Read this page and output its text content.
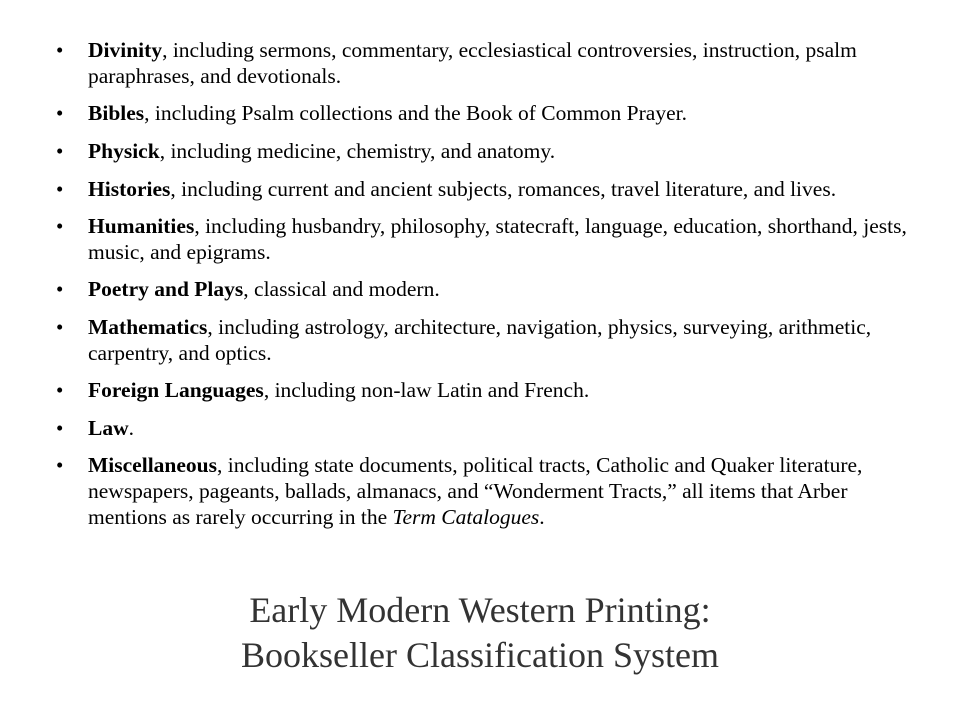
• Divinity, including sermons, commentary, ecclesiastical controversies, instruction, psalm paraphrases, and devotionals.
• Bibles, including Psalm collections and the Book of Common Prayer.
• Physick, including medicine, chemistry, and anatomy.
• Histories, including current and ancient subjects, romances, travel literature, and lives.
• Humanities, including husbandry, philosophy, statecraft, language, education, shorthand, jests, music, and epigrams.
• Poetry and Plays, classical and modern.
• Mathematics, including astrology, architecture, navigation, physics, surveying, arithmetic, carpentry, and optics.
• Foreign Languages, including non-law Latin and French.
• Law.
• Miscellaneous, including state documents, political tracts, Catholic and Quaker literature, newspapers, pageants, ballads, almanacs, and “Wonderment Tracts,” all items that Arber mentions as rarely occurring in the Term Catalogues.
Early Modern Western Printing:
Bookseller Classification System
